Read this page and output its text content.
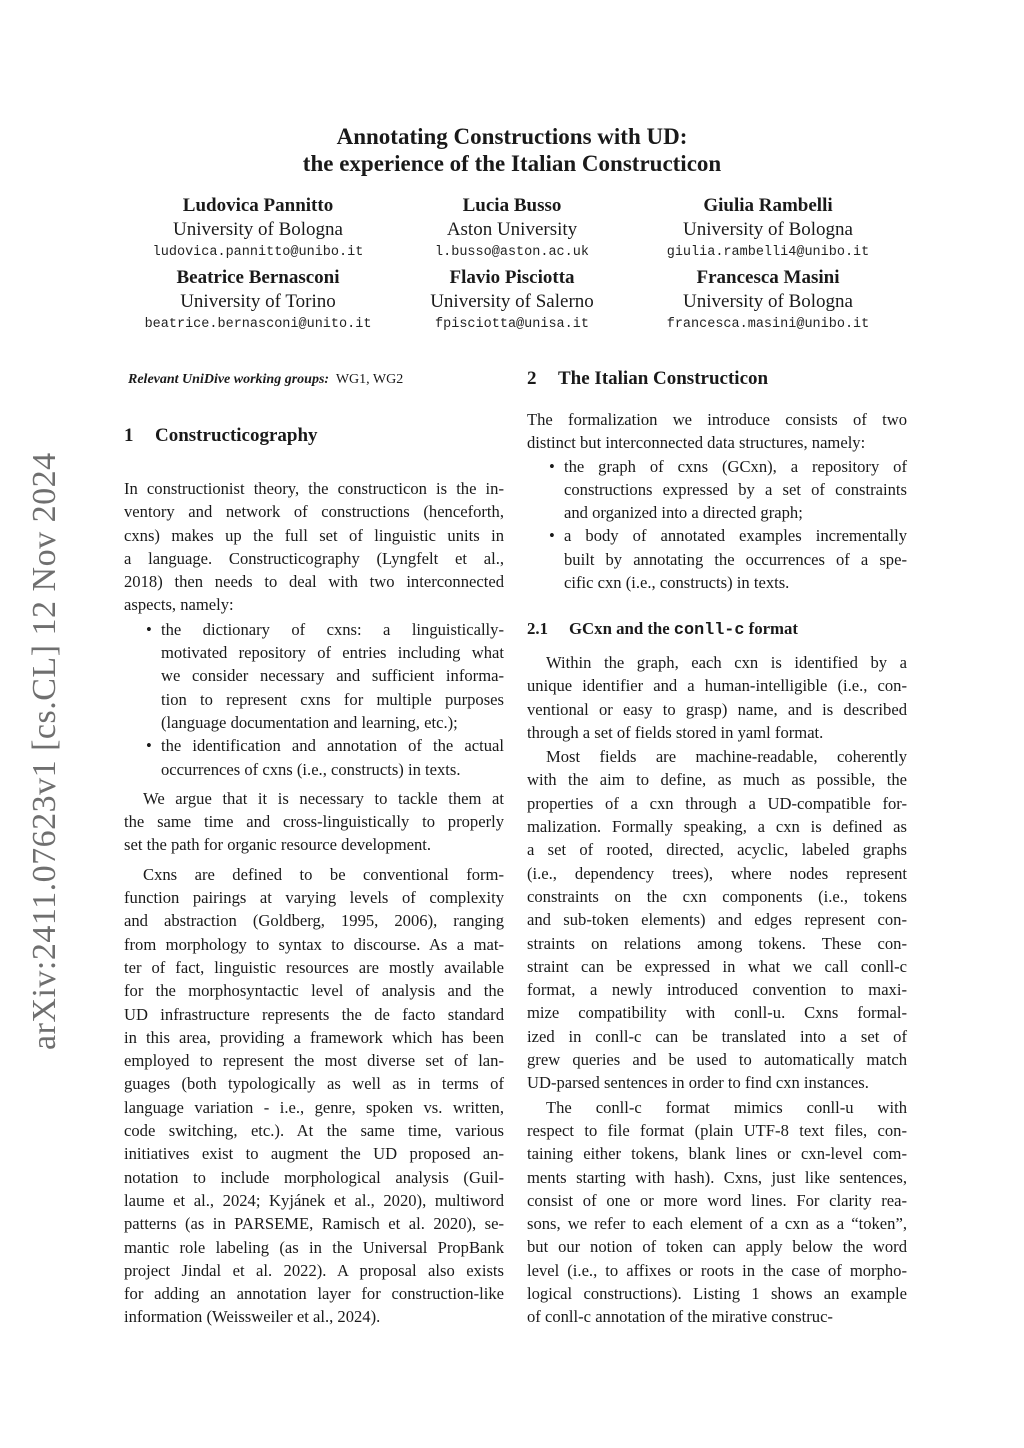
arXiv:2411.07623v1 [cs.CL] 12 Nov 2024
Annotating Constructions with UD:
the experience of the Italian Constructicon
Ludovica Pannitto
University of Bologna
ludovica.pannitto@unibo.it
Lucia Busso
Aston University
l.busso@aston.ac.uk
Giulia Rambelli
University of Bologna
giulia.rambelli4@unibo.it
Beatrice Bernasconi
University of Torino
beatrice.bernasconi@unito.it
Flavio Pisciotta
University of Salerno
fpisciotta@unisa.it
Francesca Masini
University of Bologna
francesca.masini@unibo.it
Relevant UniDive working groups: WG1, WG2
1 Constructicography

In constructionist theory, the constructicon is the in-
ventory and network of constructions (henceforth,
cxns) makes up the full set of linguistic units in
a language. Constructicography (Lyngfelt et al.,
2018) then needs to deal with two interconnected
aspects, namely:

• the dictionary of cxns: a linguistically-
motivated repository of entries including what
we consider necessary and sufficient informa-
tion to represent cxns for multiple purposes
(language documentation and learning, etc.);
• the identification and annotation of the actual
occurrences of cxns (i.e., constructs) in texts.

We argue that it is necessary to tackle them at
the same time and cross-linguistically to properly
set the path for organic resource development.

Cxns are defined to be conventional form-
function pairings at varying levels of complexity
and abstraction (Goldberg, 1995, 2006), ranging
from morphology to syntax to discourse. As a mat-
ter of fact, linguistic resources are mostly available
for the morphosyntactic level of analysis and the
UD infrastructure represents the de facto standard
in this area, providing a framework which has been
employed to represent the most diverse set of lan-
guages (both typologically as well as in terms of
language variation - i.e., genre, spoken vs. written,
code switching, etc.). At the same time, various
initiatives exist to augment the UD proposed an-
notation to include morphological analysis (Guil-
laume et al., 2024; Kyjánek et al., 2020), multiword
patterns (as in PARSEME, Ramisch et al. 2020), se-
mantic role labeling (as in the Universal PropBank
project Jindal et al. 2022). A proposal also exists
for adding an annotation layer for construction-like
information (Weissweiler et al., 2024).

2 The Italian Constructicon

The formalization we introduce consists of two
distinct but interconnected data structures, namely:

• the graph of cxns (GCxn), a repository of
constructions expressed by a set of constraints
and organized into a directed graph;
• a body of annotated examples incrementally
built by annotating the occurrences of a spe-
cific cxn (i.e., constructs) in texts.
2.1 GCxn and the conll-c format

Within the graph, each cxn is identified by a
unique identifier and a human-intelligible (i.e., con-
ventional or easy to grasp) name, and is described
through a set of fields stored in yaml format.

Most fields are machine-readable, coherently
with the aim to define, as much as possible, the
properties of a cxn through a UD-compatible for-
malization. Formally speaking, a cxn is defined as
a set of rooted, directed, acyclic, labeled graphs
(i.e., dependency trees), where nodes represent
constraints on the cxn components (i.e., tokens
and sub-token elements) and edges represent con-
straints on relations among tokens. These con-
straint can be expressed in what we call conll-c
format, a newly introduced convention to maxi-
mize compatibility with conll-u. Cxns formal-
ized in conll-c can be translated into a set of
grew queries and be used to automatically match
UD-parsed sentences in order to find cxn instances.

The conll-c format mimics conll-u with
respect to file format (plain UTF-8 text files, con-
taining either tokens, blank lines or cxn-level com-
ments starting with hash). Cxns, just like sentences,
consist of one or more word lines. For clarity rea-
sons, we refer to each element of a cxn as a “token”,
but our notion of token can apply below the word
level (i.e., to affixes or roots in the case of morpho-
logical constructions). Listing 1 shows an example
of conll-c annotation of the mirative construc-
